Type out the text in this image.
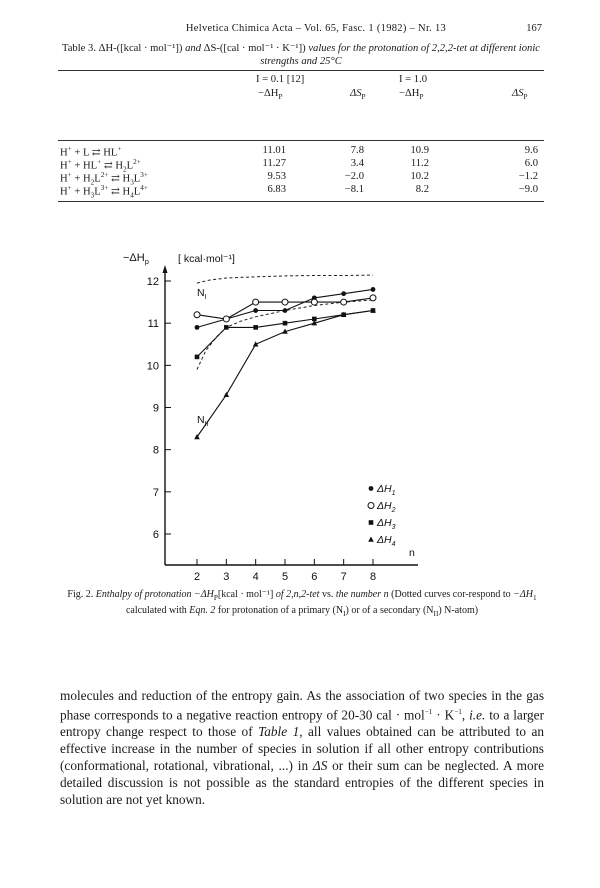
Helvetica Chimica Acta – Vol. 65, Fasc. 1 (1982) – Nr. 13	167
Table 3. ΔH-([kcal · mol⁻¹]) and ΔS-([cal · mol⁻¹ · K⁻¹]) values for the protonation of 2,2,2-tet at different ionic strengths and 25°C
I = 0.1 [12]	I = 1.0
$-\Delta H_P$	$\Delta S_P$	$-\Delta H_P$	$\Delta S_P$
H+ + L ⇄ HL+	11.01	7.8	10.9	9.6
H+ + HL+ ⇄ $H_2L^{2+}$	11.27	3.4	11.2	6.0
$H^+ + H_2L^{2+}$ ⇄ $H_3L^{3+}$	9.53	−2.0	10.2	−1.2
$H^+ + H_3L^{3+}$ ⇄ $H_4L^{4+}$	6.83	−8.1	8.2	−9.0
6
7
8
9
10
11
12
2 3 4 5 6 7 8
$-\Delta H_p$	[ kcal·mol⁻¹]
n
$N_I$
$N_{II}$
$\Delta H_1$
$\Delta H_2$
$\Delta H_3$
$\Delta H_4$
Fig. 2. Enthalpy of protonation $-\Delta H_P[kcal \cdot mol^{-1}]$ of 2,n,2-tet vs. the number n (Dotted curves cor-respond to $-\Delta H_1$ calculated with Eqn. 2 for protonation of a primary $(N_I)$ or of a secondary $(N_{II})$ N-atom)

molecules and reduction of the entropy gain. As the association of two species in the gas phase corresponds to a negative reaction entropy of 20-30 cal · $mol^{-1} \cdot K^{-1}$, i.e. to a larger entropy change respect to those of Table 1, all values obtained can be attributed to an effective increase in the number of species in solution if all other entropy contributions (conformational, rotational, vibrational, ...) in ΔS or their sum can be neglected. A more detailed discussion is not possible as the standard entropies of the different species in solution are not yet known.
